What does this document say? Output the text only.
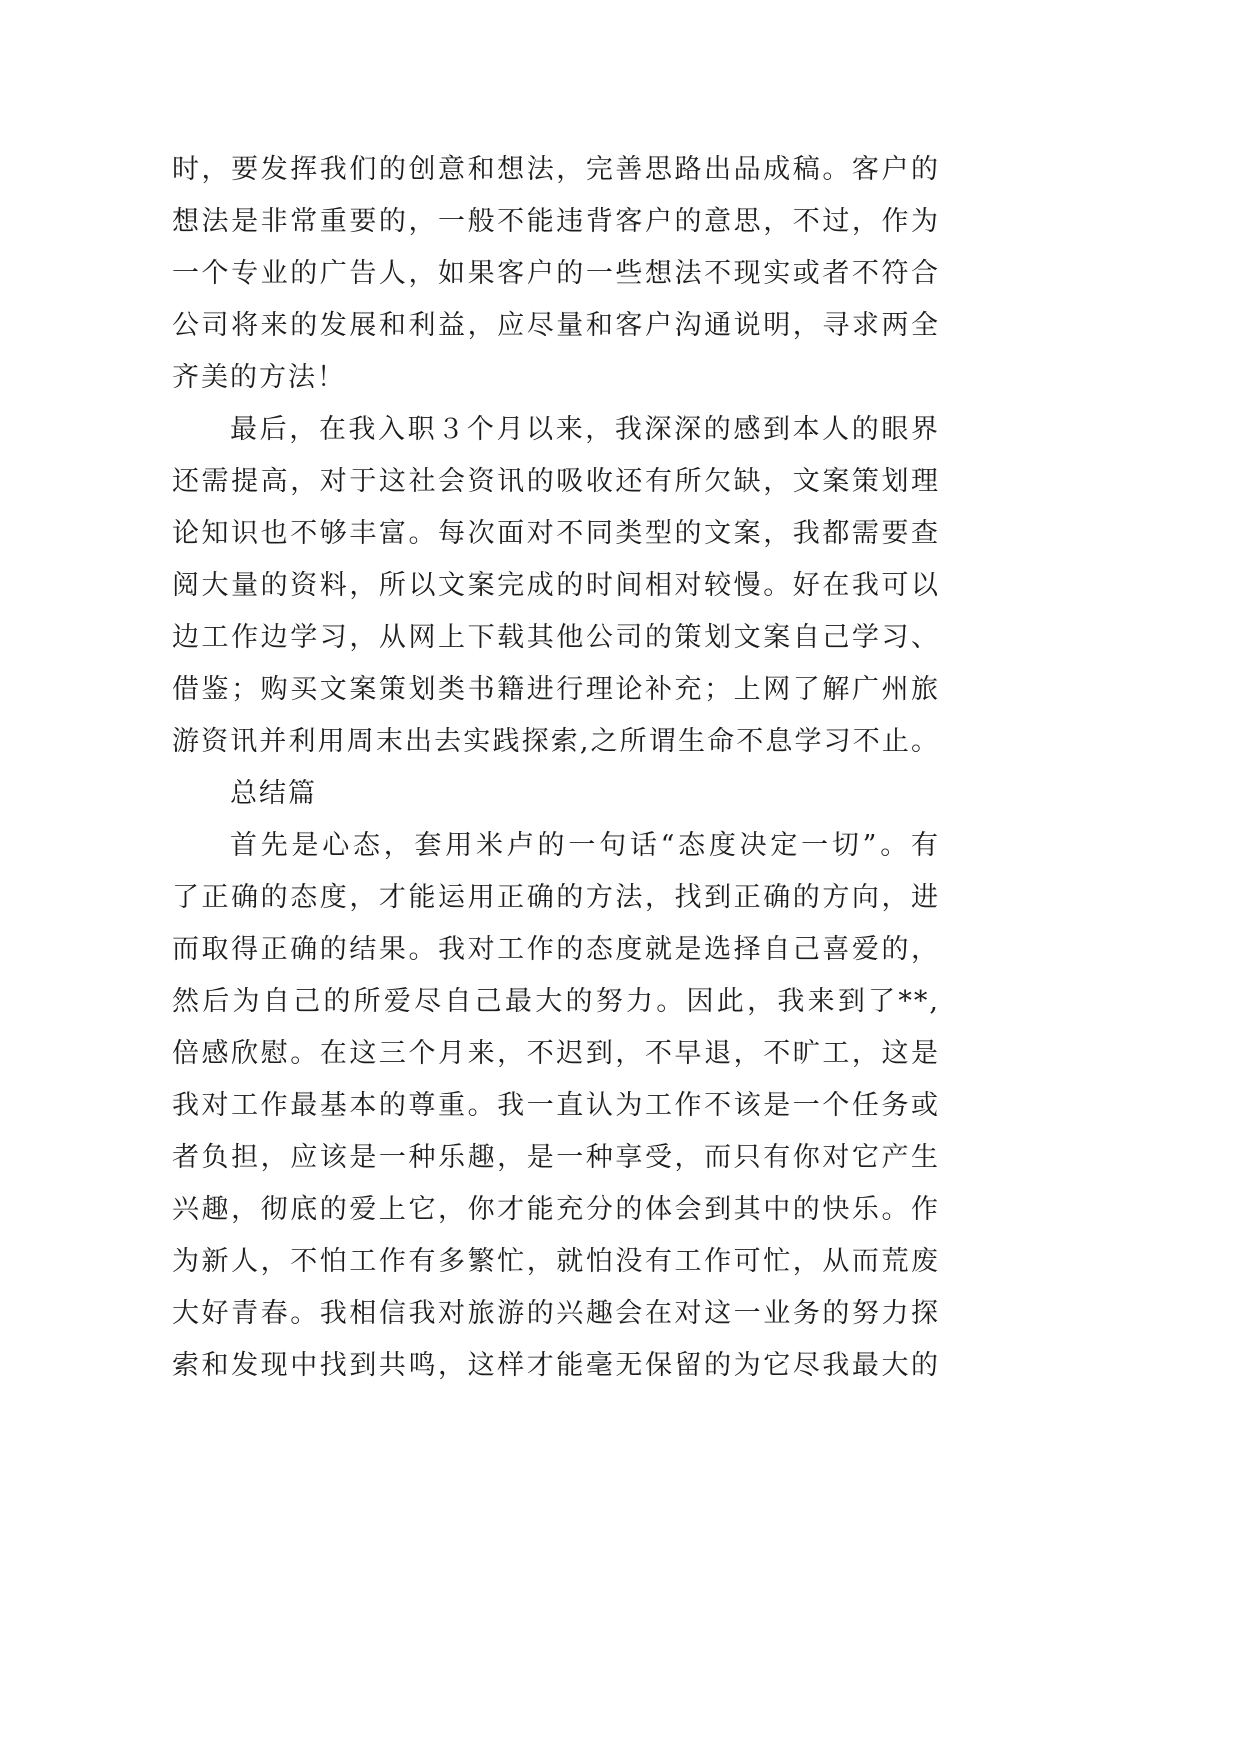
时，要发挥我们的创意和想法，完善思路出品成稿。客户的
想法是非常重要的，一般不能违背客户的意思，不过，作为
一个专业的广告人，如果客户的一些想法不现实或者不符合
公司将来的发展和利益，应尽量和客户沟通说明，寻求两全
齐美的方法！
最后，在我入职３个月以来，我深深的感到本人的眼界
还需提高，对于这社会资讯的吸收还有所欠缺，文案策划理
论知识也不够丰富。每次面对不同类型的文案，我都需要查
阅大量的资料，所以文案完成的时间相对较慢。好在我可以
边工作边学习，从网上下载其他公司的策划文案自己学习、
借鉴；购买文案策划类书籍进行理论补充；上网了解广州旅
游资讯并利用周末出去实践探索,之所谓生命不息学习不止。
总结篇
首先是心态，套用米卢的一句话“态度决定一切”。有
了正确的态度，才能运用正确的方法，找到正确的方向，进
而取得正确的结果。我对工作的态度就是选择自己喜爱的，
然后为自己的所爱尽自己最大的努力。因此，我来到了**,
倍感欣慰。在这三个月来，不迟到，不早退，不旷工，这是
我对工作最基本的尊重。我一直认为工作不该是一个任务或
者负担，应该是一种乐趣，是一种享受，而只有你对它产生
兴趣，彻底的爱上它，你才能充分的体会到其中的快乐。作
为新人，不怕工作有多繁忙，就怕没有工作可忙，从而荒废
大好青春。我相信我对旅游的兴趣会在对这一业务的努力探
索和发现中找到共鸣，这样才能毫无保留的为它尽我最大的
